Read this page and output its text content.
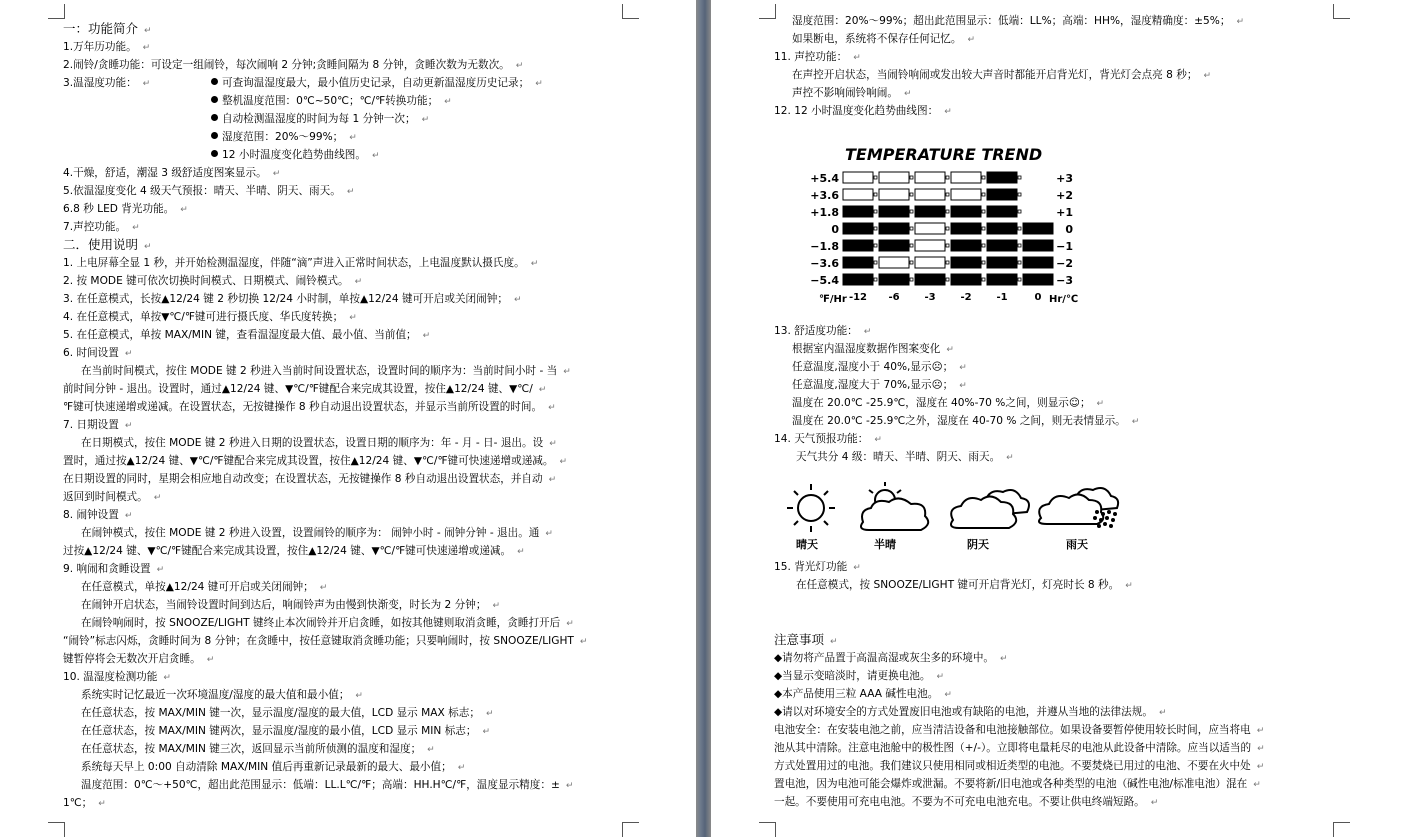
一：功能简介 ↵
1.万年历功能。 ↵
2.闹铃/贪睡功能：可设定一组闹铃，每次闹响 2 分钟;贪睡间隔为 8 分钟，贪睡次数为无数次。 ↵
3.温湿度功能： ↵	可查询温湿度最大，最小值历史记录，自动更新温湿度历史记录； ↵
整机温度范围：0℃~50℃；℃/℉转换功能； ↵
自动检测温湿度的时间为每 1 分钟一次； ↵
湿度范围：20%～99%； ↵
12 小时温度变化趋势曲线图。 ↵
4.干燥，舒适，潮湿 3 级舒适度图案显示。 ↵
5.依温湿度变化 4 级天气预报：晴天、半晴、阴天、雨天。 ↵
6.8 秒 LED 背光功能。 ↵
7.声控功能。 ↵
二．使用说明 ↵
1. 上电屏幕全显 1 秒，并开始检测温湿度，伴随“滴”声进入正常时间状态，上电温度默认摄氏度。 ↵
2. 按 MODE 键可依次切换时间模式、日期模式、闹铃模式。 ↵
3. 在任意模式，长按▲12/24 键 2 秒切换 12/24 小时制，单按▲12/24 键可开启或关闭闹钟； ↵
4. 在任意模式，单按▼℃/℉键可进行摄氏度、华氏度转换； ↵
5. 在任意模式，单按 MAX/MIN 键，查看温湿度最大值、最小值、当前值； ↵
6. 时间设置 ↵
在当前时间模式，按住 MODE 键 2 秒进入当前时间设置状态，设置时间的顺序为：当前时间小时 - 当 ↵
前时间分钟 - 退出。设置时，通过▲12/24 键、▼℃/℉键配合来完成其设置，按住▲12/24 键、▼℃/ ↵
℉键可快速递增或递减。在设置状态，无按键操作 8 秒自动退出设置状态，并显示当前所设置的时间。 ↵
7. 日期设置 ↵
在日期模式，按住 MODE 键 2 秒进入日期的设置状态，设置日期的顺序为：年 - 月 - 日- 退出。设 ↵
置时，通过按▲12/24 键、▼℃/℉键配合来完成其设置，按住▲12/24 键、▼℃/℉键可快速递增或递减。 ↵
在日期设置的同时，星期会相应地自动改变；在设置状态，无按键操作 8 秒自动退出设置状态，并自动 ↵
返回到时间模式。 ↵
8. 闹钟设置 ↵
在闹钟模式，按住 MODE 键 2 秒进入设置，设置闹铃的顺序为： 闹钟小时 - 闹钟分钟 - 退出。通 ↵
过按▲12/24 键、▼℃/℉键配合来完成其设置，按住▲12/24 键、▼℃/℉键可快速递增或递减。 ↵
9. 响闹和贪睡设置 ↵
在任意模式，单按▲12/24 键可开启或关闭闹钟； ↵
在闹钟开启状态，当闹铃设置时间到达后，响闹铃声为由慢到快渐变，时长为 2 分钟； ↵
在闹铃响闹时，按 SNOOZE/LIGHT 键终止本次闹铃并开启贪睡，如按其他键则取消贪睡，贪睡打开后 ↵
“闹铃”标志闪烁，贪睡时间为 8 分钟；在贪睡中，按任意键取消贪睡功能；只要响闹时，按 SNOOZE/LIGHT ↵
键暂停将会无数次开启贪睡。 ↵
10. 温湿度检测功能 ↵
系统实时记忆最近一次环境温度/湿度的最大值和最小值； ↵
在任意状态，按 MAX/MIN 键一次，显示温度/湿度的最大值，LCD 显示 MAX 标志； ↵
在任意状态，按 MAX/MIN 键两次，显示温度/湿度的最小值，LCD 显示 MIN 标志； ↵
在任意状态，按 MAX/MIN 键三次，返回显示当前所侦测的温度和湿度； ↵
系统每天早上 0:00 自动清除 MAX/MIN 值后再重新记录最新的最大、最小值； ↵
温度范围：0℃～+50℃，超出此范围显示：低端：LL.L℃/℉；高端：HH.H℃/℉，温度显示精度：± ↵
1℃； ↵
湿度范围：20%～99%；超出此范围显示：低端：LL%；高端：HH%，湿度精确度：±5%； ↵
如果断电，系统将不保存任何记忆。 ↵
11. 声控功能： ↵
在声控开启状态，当闹铃响闹或发出较大声音时都能开启背光灯，背光灯会点亮 8 秒； ↵
声控不影响闹铃响闹。 ↵
12. 12 小时温度变化趋势曲线图： ↵
13. 舒适度功能： ↵
根据室内温湿度数据作图案变化 ↵
任意温度,湿度小于 40%,显示☹； ↵
任意温度,湿度大于 70%,显示☹； ↵
温度在 20.0℃ -25.9℃，湿度在 40%-70 %之间，则显示☺； ↵
温度在 20.0℃ -25.9℃之外，湿度在 40-70 % 之间，则无表情显示。 ↵
14. 天气预报功能： ↵
天气共分 4 级：晴天、半晴、阴天、雨天。 ↵
15. 背光灯功能 ↵
在任意模式，按 SNOOZE/LIGHT 键可开启背光灯，灯亮时长 8 秒。 ↵
注意事项 ↵
◆请勿将产品置于高温高湿或灰尘多的环境中。 ↵
◆当显示变暗淡时，请更换电池。 ↵
◆本产品使用三粒 AAA 碱性电池。 ↵
◆请以对环境安全的方式处置废旧电池或有缺陷的电池，并遵从当地的法律法规。 ↵
电池安全：在安装电池之前，应当清洁设备和电池接触部位。如果设备要暂停使用较长时间，应当将电 ↵
池从其中清除。注意电池舱中的极性图（+/-）。立即将电量耗尽的电池从此设备中清除。应当以适当的 ↵
方式处置用过的电池。我们建议只使用相同或相近类型的电池。不要焚烧已用过的电池、不要在火中处 ↵
置电池，因为电池可能会爆炸或泄漏。不要将新/旧电池或各种类型的电池（碱性电池/标准电池）混在 ↵
一起。不要使用可充电电池。不要为不可充电电池充电。不要让供电终端短路。 ↵
TEMPERATURE TREND
+5.4	+3
+3.6	+2
+1.8	+1
0	0
−1.8	−1
−3.6	−2
−5.4	−3
℉/Hr -12 -6 -3 -2 -1	0 Hr/℃
晴天	半晴	阴天	雨天
